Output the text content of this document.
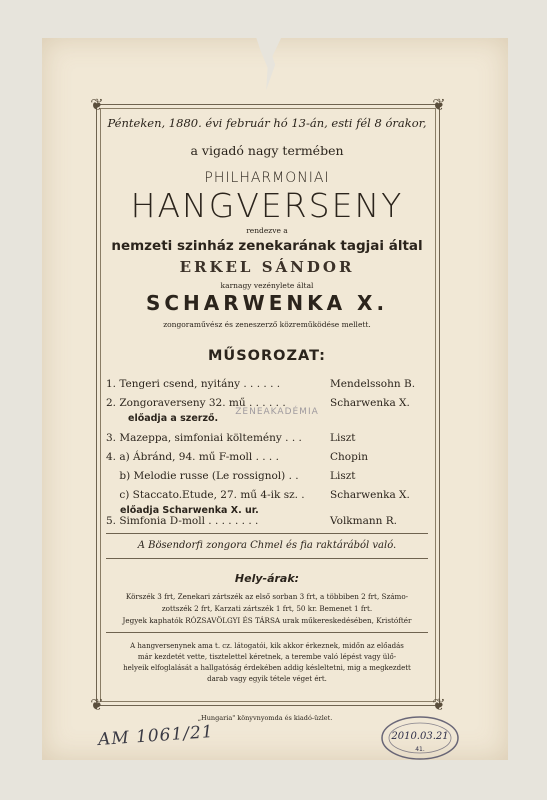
❦	❦
❦	❦
Pénteken, 1880. évi február hó 13-án, esti fél 8 órakor,
a vigadó nagy termében
PHILHARMONIAI
HANGVERSENY
rendezve a
nemzeti szinház zenekarának tagjai által
ERKEL SÁNDOR
karnagy vezénylete által
SCHARWENKA X.
zongoraművész és zeneszerző közreműködése mellett.
MŰSOROZAT:
1. Tengeri csend, nyitány . . . . . .	Mendelssohn B.
2. Zongoraverseny 32. mű . . . . . .	Scharwenka X.
előadja a szerző.
3. Mazeppa, simfoniai költemény . . .	Liszt
4. a) Ábránd, 94. mű F-moll . . . .	Chopin
b) Melodie russe (Le rossignol) . .	Liszt
c) Staccato.Etude, 27. mű 4-ik sz. . Scharwenka X.
előadja Scharwenka X. ur.
5. Simfonia D-moll . . . . . . . .	Volkmann R.
A Bösendorfi zongora Chmel és fia raktárából való.
Hely-árak:
Körszék 3 frt, Zenekari zártszék az első sorban 3 frt, a többiben 2 frt, Számo-
zottszék 2 frt, Karzati zártszék 1 frt, 50 kr. Bemenet 1 frt.
Jegyek kaphatók RÓZSAVÖLGYI ÉS TÁRSA urak műkereskedésében, Kristóftér
A hangversenynek ama t. cz. látogatói, kik akkor érkeznek, midőn az előadás
már kezdetét vette, tisztelettel kéretnek, a terembe való lépést vagy ülő-
helyeik elfoglalását a hallgatóság érdekében addig késleltetni, mig a megkezdett
darab vagy egyik tétele véget ért.
„Hungaria" könyvnyomda és kiadó-üzlet.
AM 1061/21
ZENEAKADÉMIA
2010.03.21
41.
